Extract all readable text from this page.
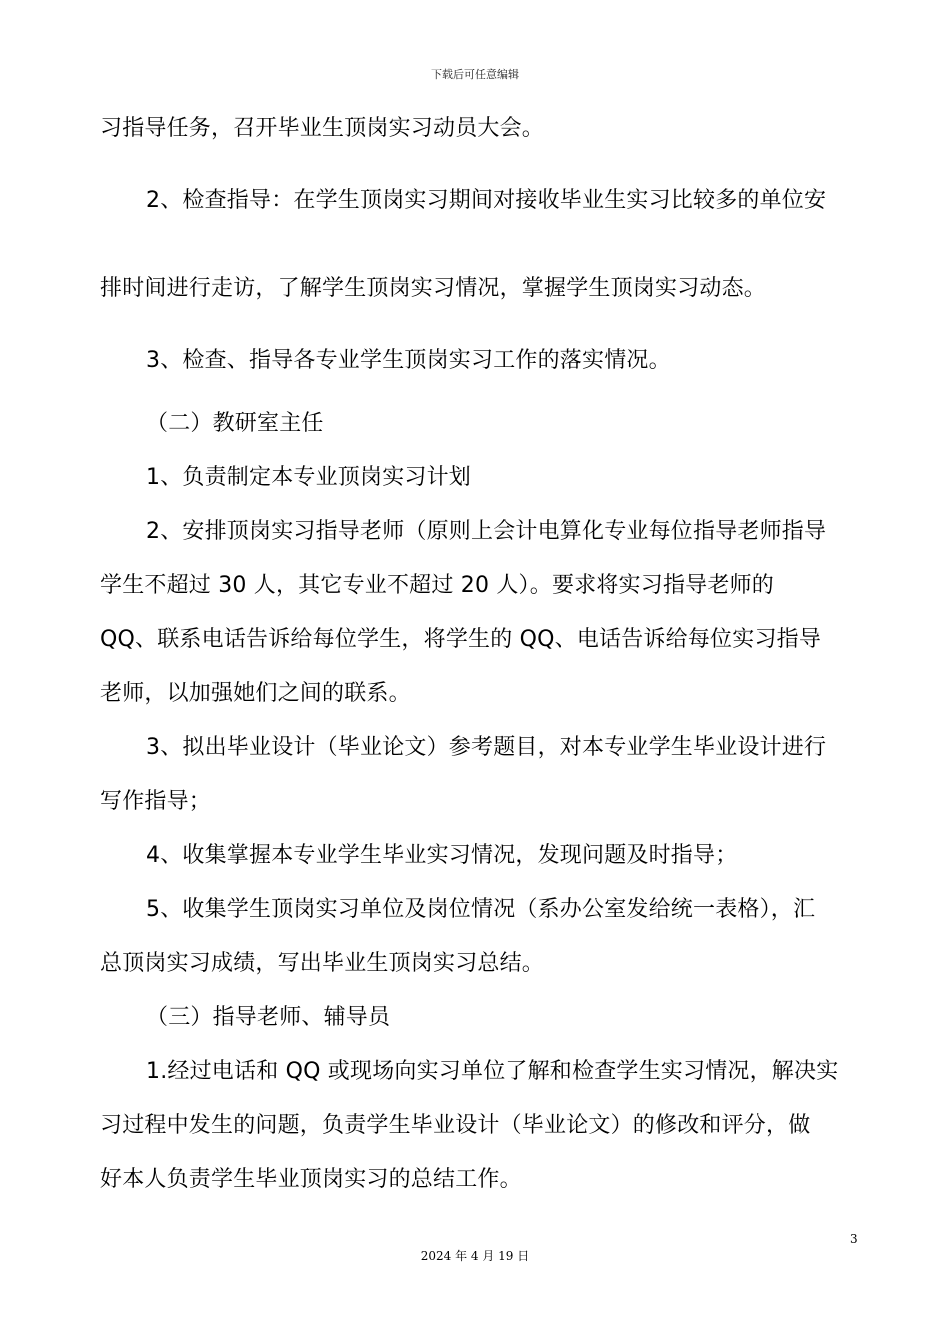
下载后可任意编辑
习指导任务，召开毕业生顶岗实习动员大会。
2、检查指导：在学生顶岗实习期间对接收毕业生实习比较多的单位安
排时间进行走访，了解学生顶岗实习情况，掌握学生顶岗实习动态。
3、检查、指导各专业学生顶岗实习工作的落实情况。
（二）教研室主任
1、负责制定本专业顶岗实习计划
2、安排顶岗实习指导老师（原则上会计电算化专业每位指导老师指导
学生不超过 30 人，其它专业不超过 20 人）。要求将实习指导老师的
QQ、联系电话告诉给每位学生，将学生的 QQ、电话告诉给每位实习指导
老师，以加强她们之间的联系。
3、拟出毕业设计（毕业论文）参考题目，对本专业学生毕业设计进行
写作指导；
4、收集掌握本专业学生毕业实习情况，发现问题及时指导；
5、收集学生顶岗实习单位及岗位情况（系办公室发给统一表格），汇
总顶岗实习成绩，写出毕业生顶岗实习总结。
（三）指导老师、辅导员
1.经过电话和 QQ 或现场向实习单位了解和检查学生实习情况，解决实
习过程中发生的问题，负责学生毕业设计（毕业论文）的修改和评分，做
好本人负责学生毕业顶岗实习的总结工作。
3
2024 年 4 月 19 日
